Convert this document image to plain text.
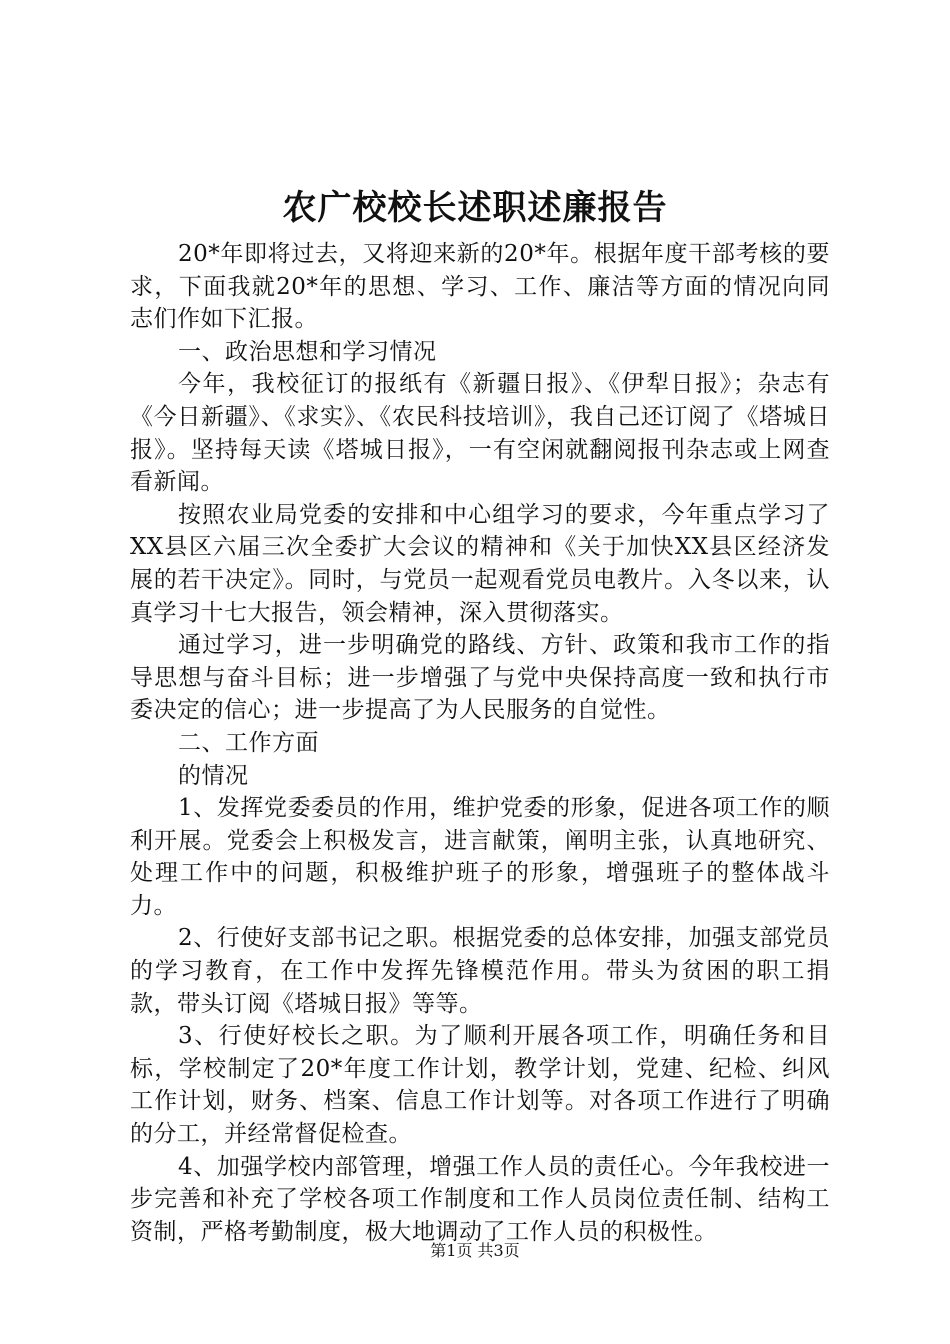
农广校校长述职述廉报告

20*年即将过去，又将迎来新的20*年。根据年度干部考核的要求，下面我就20*年的思想、学习、工作、廉洁等方面的情况向同志们作如下汇报。

一、政治思想和学习情况

今年，我校征订的报纸有《新疆日报》、《伊犁日报》；杂志有《今日新疆》、《求实》、《农民科技培训》，我自己还订阅了《塔城日报》。坚持每天读《塔城日报》，一有空闲就翻阅报刊杂志或上网查看新闻。

按照农业局党委的安排和中心组学习的要求，今年重点学习了XX县区六届三次全委扩大会议的精神和《关于加快XX县区经济发展的若干决定》。同时，与党员一起观看党员电教片。入冬以来，认真学习十七大报告，领会精神，深入贯彻落实。

通过学习，进一步明确党的路线、方针、政策和我市工作的指导思想与奋斗目标；进一步增强了与党中央保持高度一致和执行市委决定的信心；进一步提高了为人民服务的自觉性。

二、工作方面

的情况

1、发挥党委委员的作用，维护党委的形象，促进各项工作的顺利开展。党委会上积极发言，进言献策，阐明主张，认真地研究、处理工作中的问题，积极维护班子的形象，增强班子的整体战斗力。

2、行使好支部书记之职。根据党委的总体安排，加强支部党员的学习教育，在工作中发挥先锋模范作用。带头为贫困的职工捐款，带头订阅《塔城日报》等等。

3、行使好校长之职。为了顺利开展各项工作，明确任务和目标，学校制定了20*年度工作计划，教学计划，党建、纪检、纠风工作计划，财务、档案、信息工作计划等。对各项工作进行了明确的分工，并经常督促检查。

4、加强学校内部管理，增强工作人员的责任心。今年我校进一步完善和补充了学校各项工作制度和工作人员岗位责任制、结构工资制，严格考勤制度，极大地调动了工作人员的积极性。

第1页 共3页
